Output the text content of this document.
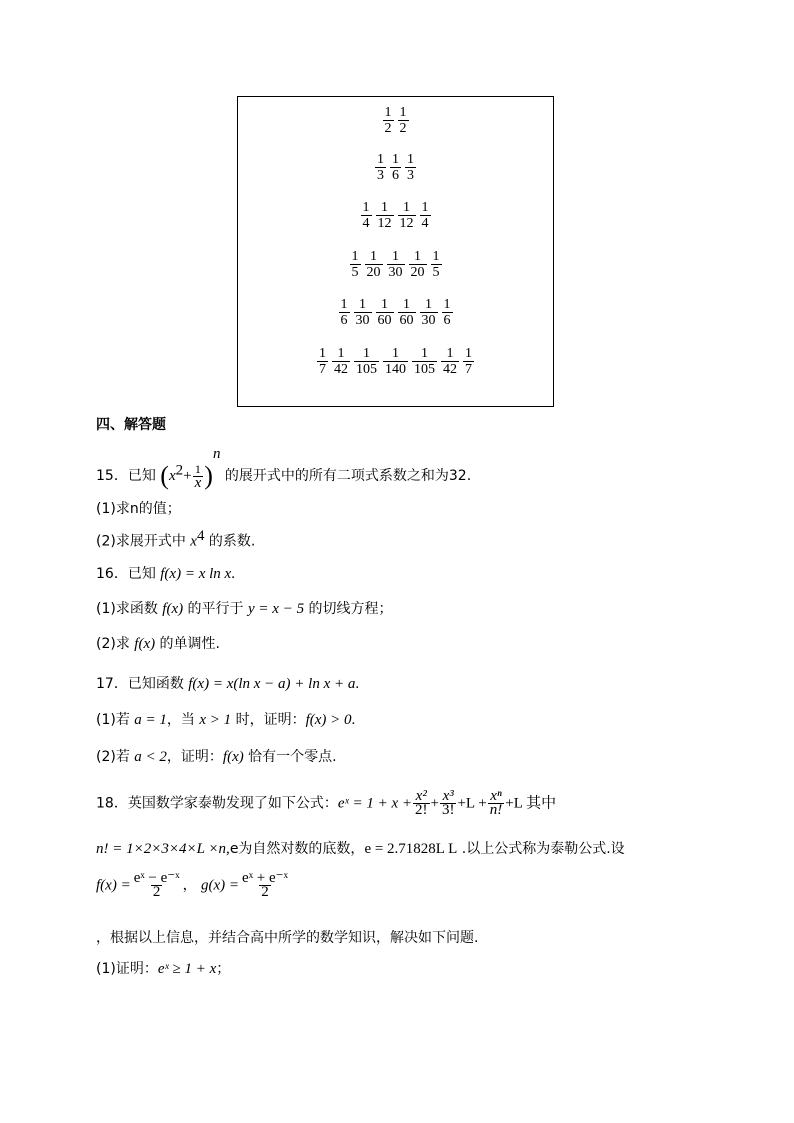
$\frac{1}{2} \frac{1}{2}$
$\frac{1}{3} \frac{1}{6} \frac{1}{3}$
$\frac{1}{4} \frac{1}{12} \frac{1}{12} \frac{1}{4}$
$\frac{1}{5} \frac{1}{20} \frac{1}{30} \frac{1}{20} \frac{1}{5}$
$\frac{1}{6} \frac{1}{30} \frac{1}{60} \frac{1}{60} \frac{1}{30} \frac{1}{6}$
$\frac{1}{7} \frac{1}{42} \frac{1}{105} \frac{1}{140} \frac{1}{105} \frac{1}{42} \frac{1}{7}$
四、解答题
15．已知 $(x^2+ \frac{1}{x} )^n$ 的展开式中的所有二项式系数之和为32.
(1)求n的值；
(2)求展开式中 $x^4$ 的系数.
16．已知 f(x) = x ln x.
(1)求函数 f(x) 的平行于 y = x − 5 的切线方程；
(2)求 f(x) 的单调性.
17．已知函数 f(x) = x(ln x − a) + ln x + a.
(1)若 a = 1，当 x > 1 时，证明：f(x) > 0.
(2)若 a < 2，证明：f(x) 恰有一个零点.
18．英国数学家泰勒发现了如下公式：eˣ = $1 + x + \frac{\text{x²}}{2!} + \frac{\text{x³}}{3!} +L + \frac{\text{xⁿ}}{n!} +L$ 其中
n! = 1×2×3×4×L ×n,e为自然对数的底数，e = 2.71828L L .以上公式称为泰勒公式.设
$f(x) = \frac{\text{eˣ − e⁻ˣ}}{2}$ ， $g(x) = \frac{\text{eˣ + e⁻ˣ}}{2}$
，根据以上信息，并结合高中所学的数学知识，解决如下问题.
(1)证明：eˣ ≥ 1 + x；
